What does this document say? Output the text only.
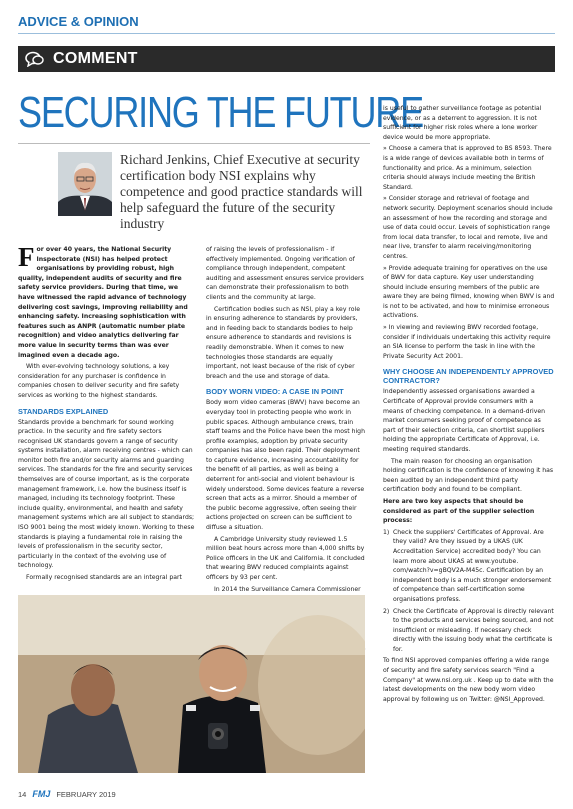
ADVICE & OPINION
COMMENT
SECURING THE FUTURE
Richard Jenkins, Chief Executive at security certification body NSI explains why competence and good practice standards will help safeguard the future of the security industry

For over 40 years, the National Security Inspectorate (NSI) has helped protect organisations by providing robust, high quality, independent audits of security and fire safety service providers. During that time, we have witnessed the rapid advance of technology delivering cost savings, improving reliability and enhancing safety. Increasing sophistication with features such as ANPR (automatic number plate recognition) and video analytics delivering far more value in security terms than was ever imagined even a decade ago.

With ever-evolving technology solutions, a key consideration for any purchaser is confidence in companies chosen to deliver security and fire safety services as working to the highest standards.

STANDARDS EXPLAINED

Standards provide a benchmark for sound working practice. In the security and fire safety sectors recognised UK standards govern a range of security systems installation, alarm receiving centres - which can monitor both fire and/or security alarms and guarding services. The standards for the fire and security services themselves are of course important, as is the corporate management framework, i.e. how the business itself is managed, including its technology footprint. These include quality, environmental, and health and safety management systems which are all subject to standards; ISO 9001 being the most widely known. Working to these standards is playing a fundamental role in raising the levels of professionalism in the security sector, particularly in the context of the evolving use of technology.

Formally recognised standards are an integral part

of raising the levels of professionalism - if effectively implemented. Ongoing verification of compliance through independent, competent auditing and assessment ensures service providers can demonstrate their professionalism to both clients and the community at large.

Certification bodies such as NSI, play a key role in ensuring adherence to standards by providers, and in feeding back to standards bodies to help ensure adherence to standards and revisions is readily demonstrable. When it comes to new technologies those standards are equally important, not least because of the risk of cyber breach and the use and storage of data.

BODY WORN VIDEO: A CASE IN POINT

Body worn video cameras (BWV) have become an everyday tool in protecting people who work in public spaces. Although ambulance crews, train staff teams and the Police have been the most high profile examples, adoption by private security companies has also been rapid. Their deployment to capture evidence, increasing accountability for the benefit of all parties, as well as being a deterrent for anti-social and violent behaviour is widely understood. Some devices feature a reverse screen that acts as a mirror. Should a member of the public become aggressive, often seeing their actions projected on screen can be sufficient to diffuse a situation.

A Cambridge University study reviewed 1.5 million beat hours across more than 4,000 shifts by Police officers in the UK and California. It concluded that wearing BWV reduced complaints against officers by 93 per cent.

In 2014 the Surveillance Camera Commissioner

is useful to gather surveillance footage as potential evidence, or as a deterrent to aggression. It is not sufficient for higher risk roles where a lone worker device would be more appropriate.

» Choose a camera that is approved to BS 8593. There is a wide range of devices available both in terms of functionality and price. As a minimum, selection criteria should always include meeting the British Standard.

» Consider storage and retrieval of footage and network security. Deployment scenarios should include an assessment of how the recording and storage and use of data could occur. Levels of sophistication range from local data transfer, to local and remote, live and near live, transfer to alarm receiving/monitoring centres.

» Provide adequate training for operatives on the use of BWV for data capture. Key user understanding should include ensuring members of the public are aware they are being filmed, knowing when BWV is and is not to be activated, and how to minimise erroneous activations.

» In viewing and reviewing BWV recorded footage, consider if individuals undertaking this activity require an SIA license to perform the task in line with the Private Security Act 2001.

WHY CHOOSE AN INDEPENDENTLY APPROVED CONTRACTOR?

Independently assessed organisations awarded a Certificate of Approval provide consumers with a means of checking competence. In a demand-driven market consumers seeking proof of competence as part of their selection criteria, can shortlist suppliers holding the appropriate Certificate of Approval, i.e. meeting required standards.

The main reason for choosing an organisation holding certification is the confidence of knowing it has been audited by an independent third party certification body and found to be compliant.

Here are two key aspects that should be considered as part of the supplier selection process:

1) Check the suppliers' Certificates of Approval. Are they valid? Are they issued by a UKAS (UK Accreditation Service) accredited body? You can learn more about UKAS at www.youtube. com/watch?v=gBQV2A-M45c. Certification by an independent body is a much stronger endorsement of competence than self-certification some organisations profess.
2) Check the Certificate of Approval is directly relevant to the products and services being sourced, and not insufficient or misleading. If necessary check directly with the issuing body what the certificate is for.

To find NSI approved companies offering a wide range of security and fire safety services search "Find a Company" at www.nsi.org.uk . Keep up to date with the latest developments on the new body worn video approval by following us on Twitter: @NSI_Approved.

14 FMJ FEBRUARY 2019
